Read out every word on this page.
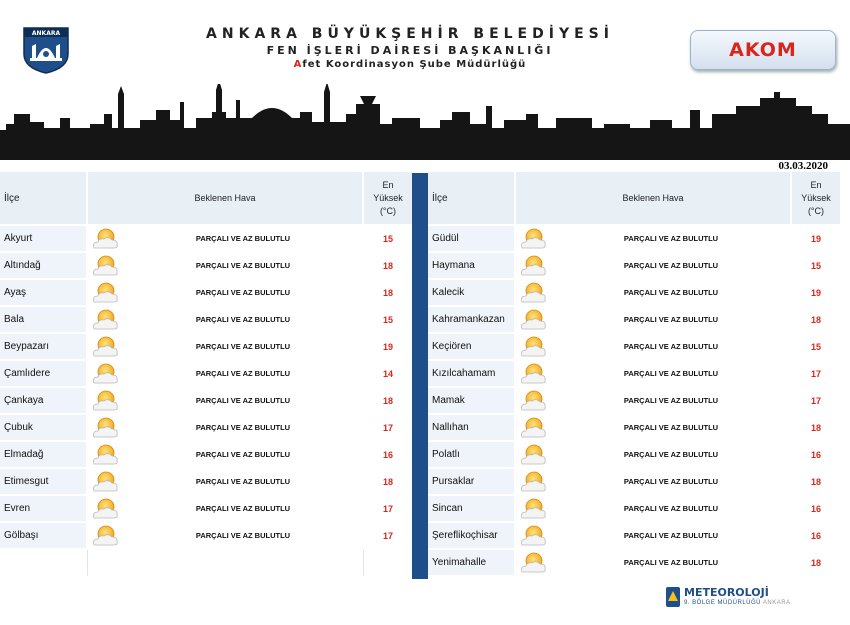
ANKARA	ANKARA BÜYÜKŞEHİR BELEDİYESİ
FEN İŞLERİ DAİRESİ BAŞKANLIĞI
Afet Koordinasyon Şube Müdürlüğü
AKOM
03.03.2020
İlçe	Beklenen Hava
En
Yüksek
(°C)
Akyurt	PARÇALI VE AZ BULUTLU	15
Altındağ	PARÇALI VE AZ BULUTLU	18
Ayaş	PARÇALI VE AZ BULUTLU	18
Bala	PARÇALI VE AZ BULUTLU	15
Beypazarı	PARÇALI VE AZ BULUTLU	19
Çamlıdere	PARÇALI VE AZ BULUTLU	14
Çankaya	PARÇALI VE AZ BULUTLU	18
Çubuk	PARÇALI VE AZ BULUTLU	17
Elmadağ	PARÇALI VE AZ BULUTLU	16
Etimesgut	PARÇALI VE AZ BULUTLU	18
Evren	PARÇALI VE AZ BULUTLU	17
Gölbaşı	PARÇALI VE AZ BULUTLU	17
İlçe	Beklenen Hava
En
Yüksek
(°C)
Güdül	PARÇALI VE AZ BULUTLU	19
Haymana	PARÇALI VE AZ BULUTLU	15
Kalecik	PARÇALI VE AZ BULUTLU	19
Kahramankazan	PARÇALI VE AZ BULUTLU	18
Keçiören	PARÇALI VE AZ BULUTLU	15
Kızılcahamam	PARÇALI VE AZ BULUTLU	17
Mamak	PARÇALI VE AZ BULUTLU	17
Nallıhan	PARÇALI VE AZ BULUTLU	18
Polatlı	PARÇALI VE AZ BULUTLU	16
Pursaklar	PARÇALI VE AZ BULUTLU	18
Sincan	PARÇALI VE AZ BULUTLU	16
Şereflikoçhisar	PARÇALI VE AZ BULUTLU	16
Yenimahalle	PARÇALI VE AZ BULUTLU	18
METEOROLOJİ
9. BÖLGE MÜDÜRLÜĞÜ ANKARA
